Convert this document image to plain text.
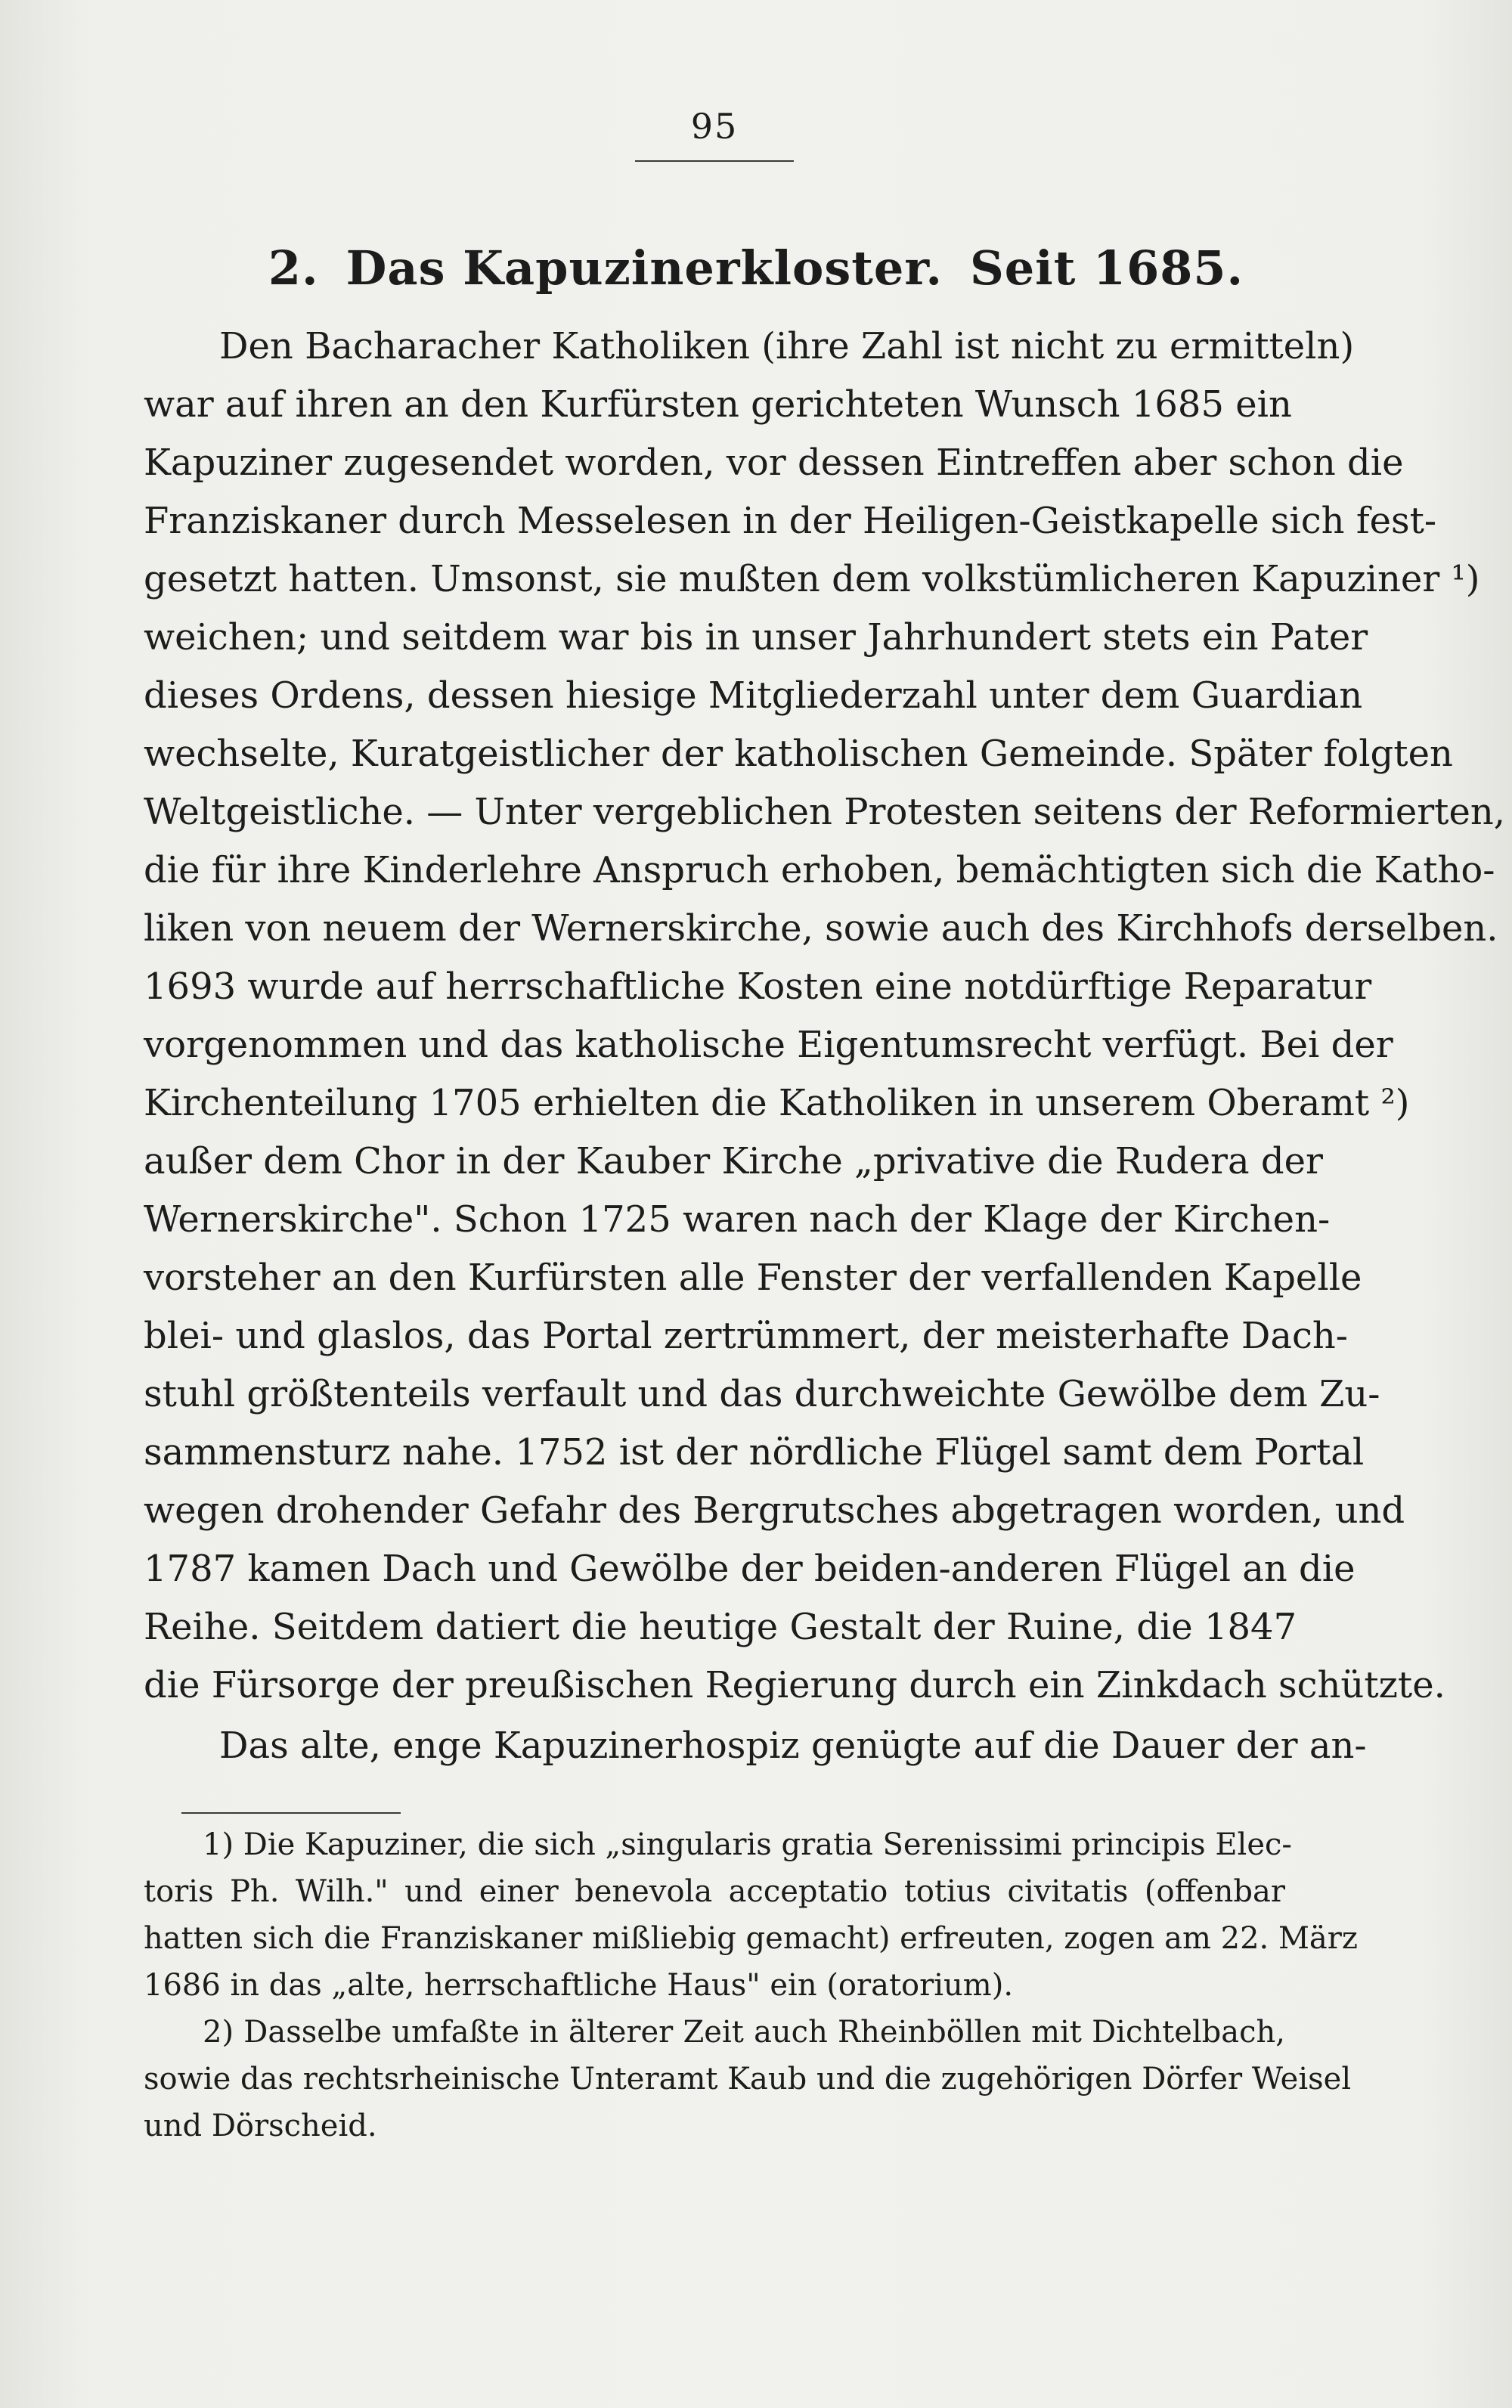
95
2. Das Kapuzinerkloster. Seit 1685.
Den Bacharacher Katholiken (ihre Zahl ist nicht zu ermitteln)
war auf ihren an den Kurfürsten gerichteten Wunsch 1685 ein
Kapuziner zugesendet worden, vor dessen Eintreffen aber schon die
Franziskaner durch Messelesen in der Heiligen-Geistkapelle sich fest-
gesetzt hatten. Umsonst, sie mußten dem volkstümlicheren Kapuziner ¹)
weichen; und seitdem war bis in unser Jahrhundert stets ein Pater
dieses Ordens, dessen hiesige Mitgliederzahl unter dem Guardian
wechselte, Kuratgeistlicher der katholischen Gemeinde. Später folgten
Weltgeistliche. — Unter vergeblichen Protesten seitens der Reformierten,
die für ihre Kinderlehre Anspruch erhoben, bemächtigten sich die Katho-
liken von neuem der Wernerskirche, sowie auch des Kirchhofs derselben.
1693 wurde auf herrschaftliche Kosten eine notdürftige Reparatur
vorgenommen und das katholische Eigentumsrecht verfügt. Bei der
Kirchenteilung 1705 erhielten die Katholiken in unserem Oberamt ²)
außer dem Chor in der Kauber Kirche „privative die Rudera der
Wernerskirche". Schon 1725 waren nach der Klage der Kirchen-
vorsteher an den Kurfürsten alle Fenster der verfallenden Kapelle
blei- und glaslos, das Portal zertrümmert, der meisterhafte Dach-
stuhl größtenteils verfault und das durchweichte Gewölbe dem Zu-
sammensturz nahe. 1752 ist der nördliche Flügel samt dem Portal
wegen drohender Gefahr des Bergrutsches abgetragen worden, und
1787 kamen Dach und Gewölbe der beiden-anderen Flügel an die
Reihe. Seitdem datiert die heutige Gestalt der Ruine, die 1847
die Fürsorge der preußischen Regierung durch ein Zinkdach schützte.
Das alte, enge Kapuzinerhospiz genügte auf die Dauer der an-
1) Die Kapuziner, die sich „singularis gratia Serenissimi principis Elec-
toris Ph. Wilh." und einer benevola acceptatio totius civitatis (offenbar
hatten sich die Franziskaner mißliebig gemacht) erfreuten, zogen am 22. März
1686 in das „alte, herrschaftliche Haus" ein (oratorium).
2) Dasselbe umfaßte in älterer Zeit auch Rheinböllen mit Dichtelbach,
sowie das rechtsrheinische Unteramt Kaub und die zugehörigen Dörfer Weisel
und Dörscheid.
